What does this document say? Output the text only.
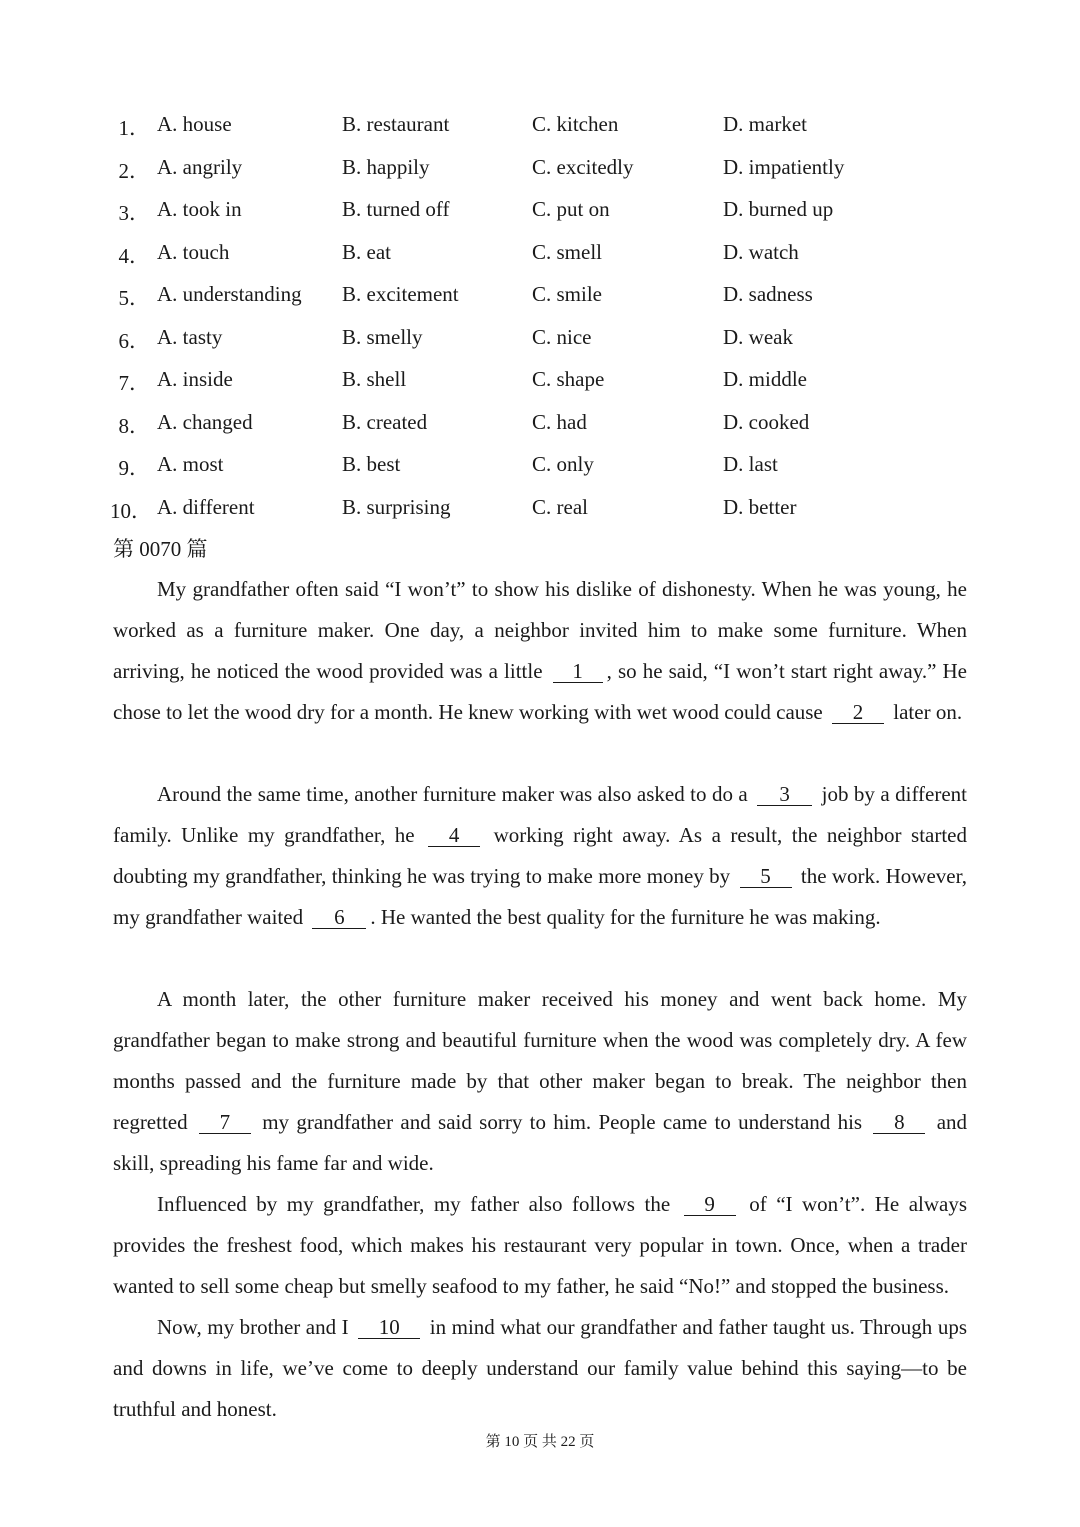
1． A. house	B. restaurant	C. kitchen	D. market
2． A. angrily	B. happily	C. excitedly	D. impatiently
3． A. took in	B. turned off	C. put on	D. burned up
4． A. touch	B. eat	C. smell	D. watch
5． A. understanding B. excitement	C. smile	D. sadness
6． A. tasty	B. smelly	C. nice	D. weak
7． A. inside	B. shell	C. shape	D. middle
8． A. changed	B. created	C. had	D. cooked
9． A. most	B. best	C. only	D. last
10． A. different	B. surprising	C. real	D. better
第 0070 篇

My grandfather often said “I won’t” to show his dislike of dishonesty. When he was young, he worked as a furniture maker. One day, a neighbor invited him to make some furniture. When arriving, he noticed the wood provided was a little 1 , so he said, “I won’t start right away.” He chose to let the wood dry for a month. He knew working with wet wood could cause 2 later on.

Around the same time, another furniture maker was also asked to do a 3 job by a different family. Unlike my grandfather, he 4 working right away. As a result, the neighbor started doubting my grandfather, thinking he was trying to make more money by 5 the work. However, my grandfather waited 6 . He wanted the best quality for the furniture he was making.

A month later, the other furniture maker received his money and went back home. My grandfather began to make strong and beautiful furniture when the wood was completely dry. A few months passed and the furniture made by that other maker began to break. The neighbor then regretted 7 my grandfather and said sorry to him. People came to understand his 8 and skill, spreading his fame far and wide.

Influenced by my grandfather, my father also follows the 9 of “I won’t”. He always provides the freshest food, which makes his restaurant very popular in town. Once, when a trader wanted to sell some cheap but smelly seafood to my father, he said “No!” and stopped the business.

Now, my brother and I 10 in mind what our grandfather and father taught us. Through ups and downs in life, we’ve come to deeply understand our family value behind this saying—to be truthful and honest.

第 10 页 共 22 页
